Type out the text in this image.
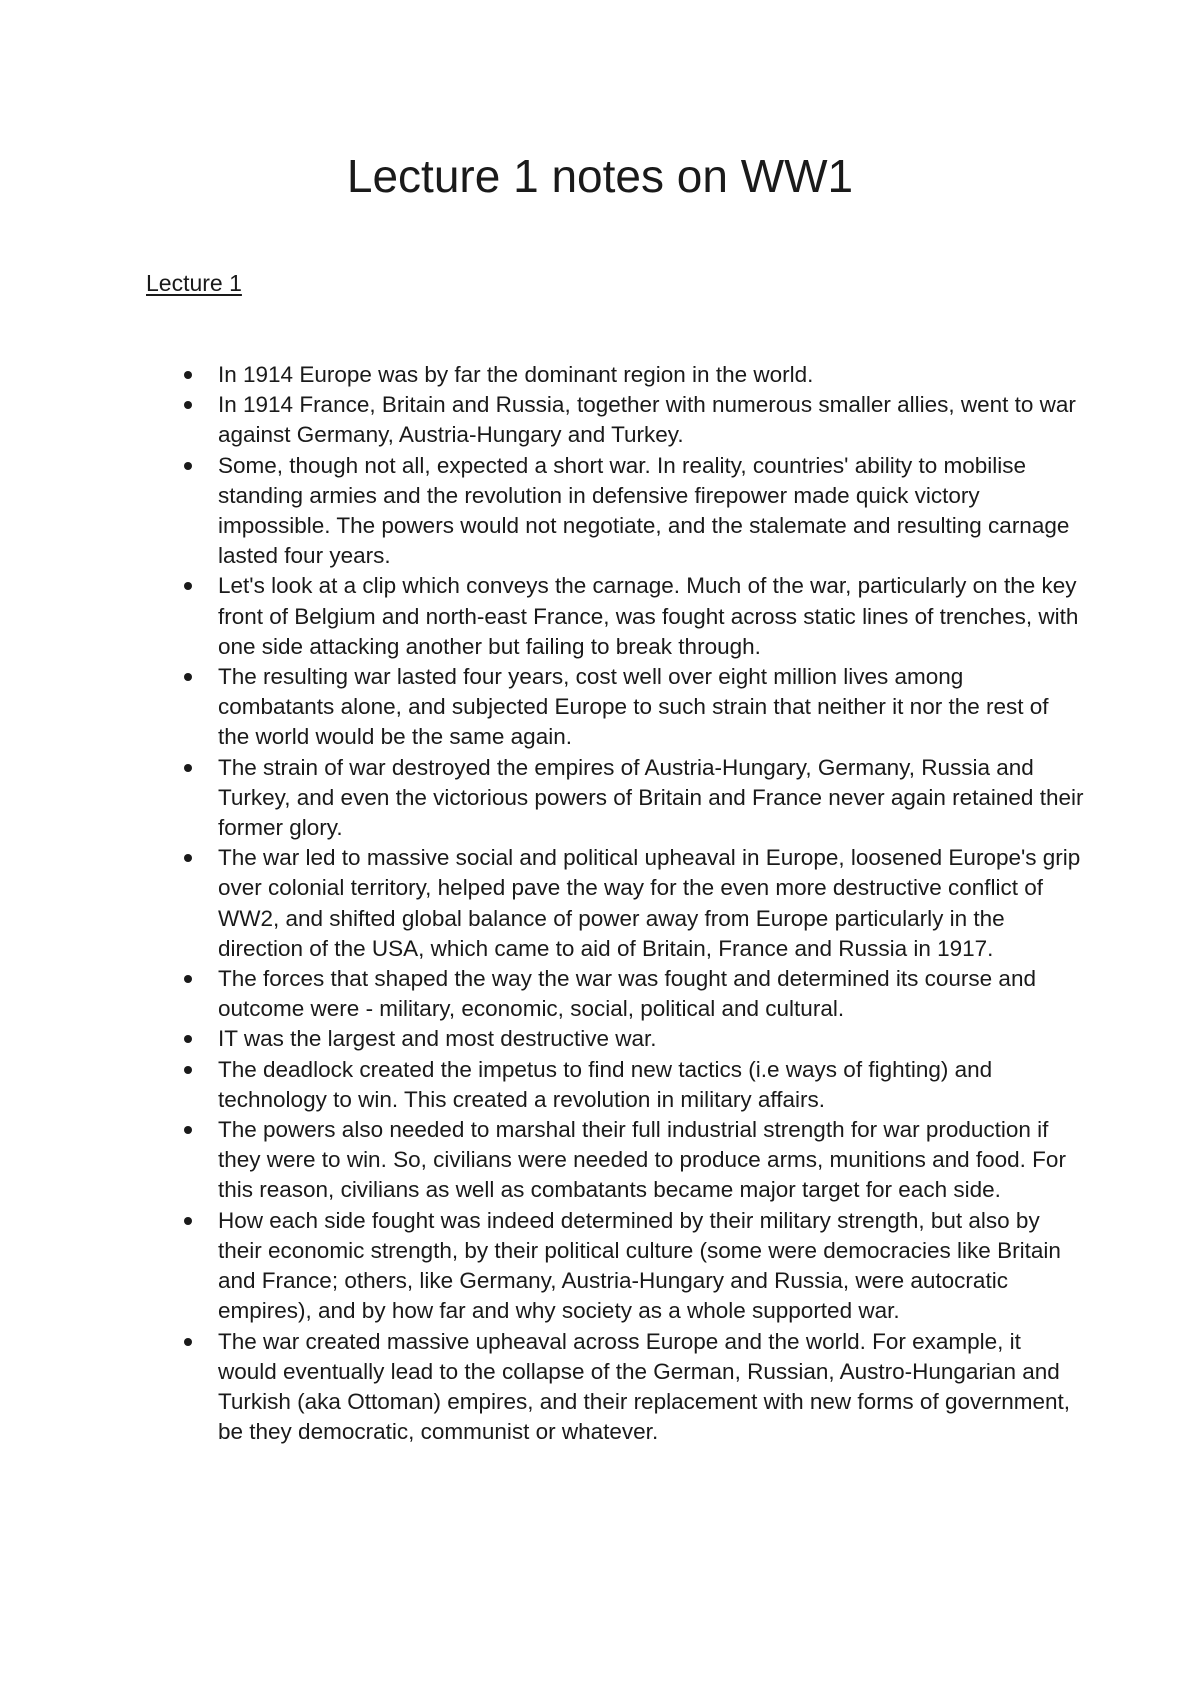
Lecture 1 notes on WW1
Lecture 1
In 1914 Europe was by far the dominant region in the world.
In 1914 France, Britain and Russia, together with numerous smaller allies, went to war against Germany, Austria-Hungary and Turkey.
Some, though not all, expected a short war. In reality, countries' ability to mobilise standing armies and the revolution in defensive firepower made quick victory impossible. The powers would not negotiate, and the stalemate and resulting carnage lasted four years.
Let's look at a clip which conveys the carnage. Much of the war, particularly on the key front of Belgium and north-east France, was fought across static lines of trenches, with one side attacking another but failing to break through.
The resulting war lasted four years, cost well over eight million lives among combatants alone, and subjected Europe to such strain that neither it nor the rest of the world would be the same again.
The strain of war destroyed the empires of Austria-Hungary, Germany, Russia and Turkey, and even the victorious powers of Britain and France never again retained their former glory.
The war led to massive social and political upheaval in Europe, loosened Europe's grip over colonial territory, helped pave the way for the even more destructive conflict of WW2, and shifted global balance of power away from Europe particularly in the direction of the USA, which came to aid of Britain, France and Russia in 1917.
The forces that shaped the way the war was fought and determined its course and outcome were - military, economic, social, political and cultural.
IT was the largest and most destructive war.
The deadlock created the impetus to find new tactics (i.e ways of fighting) and technology to win. This created a revolution in military affairs.
The powers also needed to marshal their full industrial strength for war production if they were to win. So, civilians were needed to produce arms, munitions and food. For this reason, civilians as well as combatants became major target for each side.
How each side fought was indeed determined by their military strength, but also by their economic strength, by their political culture (some were democracies like Britain and France; others, like Germany, Austria-Hungary and Russia, were autocratic empires), and by how far and why society as a whole supported war.
The war created massive upheaval across Europe and the world. For example, it would eventually lead to the collapse of the German, Russian, Austro-Hungarian and Turkish (aka Ottoman) empires, and their replacement with new forms of government, be they democratic, communist or whatever.
